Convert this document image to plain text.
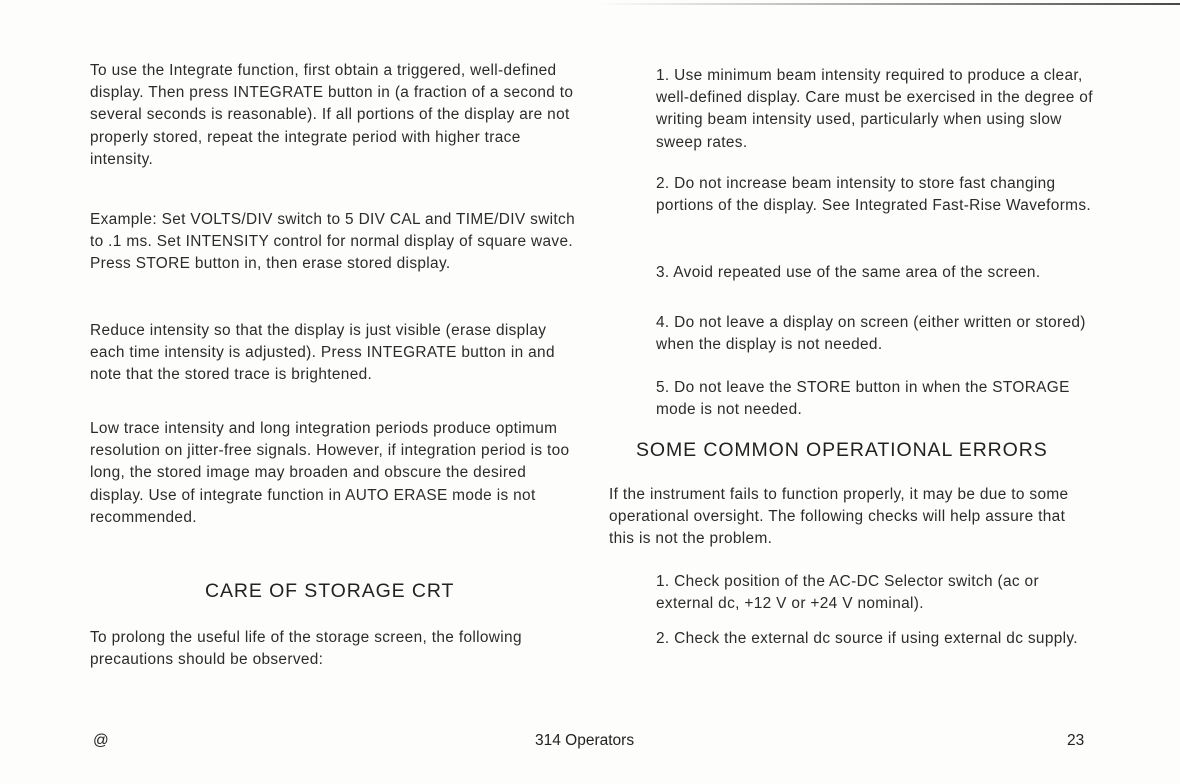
To use the Integrate function, first obtain a triggered, well-defined display. Then press INTEGRATE button in (a fraction of a second to several seconds is reasonable). If all portions of the display are not properly stored, repeat the integrate period with higher trace intensity.

Example: Set VOLTS/DIV switch to 5 DIV CAL and TIME/DIV switch to .1 ms. Set INTENSITY control for normal display of square wave. Press STORE button in, then erase stored display.

Reduce intensity so that the display is just visible (erase display each time intensity is adjusted). Press INTEGRATE button in and note that the stored trace is brightened.

Low trace intensity and long integration periods produce optimum resolution on jitter-free signals. However, if integration period is too long, the stored image may broaden and obscure the desired display. Use of integrate function in AUTO ERASE mode is not recommended.

CARE OF STORAGE CRT

To prolong the useful life of the storage screen, the following precautions should be observed:

1. Use minimum beam intensity required to produce a clear, well-defined display. Care must be exercised in the degree of writing beam intensity used, particularly when using slow sweep rates.

2. Do not increase beam intensity to store fast changing portions of the display. See Integrated Fast-Rise Waveforms.

3. Avoid repeated use of the same area of the screen.

4. Do not leave a display on screen (either written or stored) when the display is not needed.

5. Do not leave the STORE button in when the STORAGE mode is not needed.

SOME COMMON OPERATIONAL ERRORS

If the instrument fails to function properly, it may be due to some operational oversight. The following checks will help assure that this is not the problem.

1. Check position of the AC-DC Selector switch (ac or external dc, +12 V or +24 V nominal).

2. Check the external dc source if using external dc supply.

@	314 Operators	23
